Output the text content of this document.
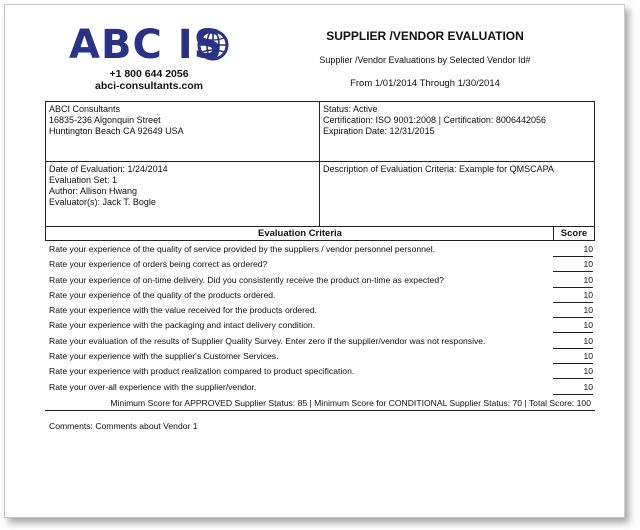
ABC IS
+1 800 644 2056
abci-consultants.com
SUPPLIER /VENDOR EVALUATION
Supplier /Vendor Evaluations by Selected Vendor Id#
From 1/01/2014 Through 1/30/2014
ABCI Consultants
16835-236 Algonquin Street
Huntington Beach CA 92649 USA
Status: Active
Certification: ISO 9001:2008 | Certification: 8006442056
Expiration Date: 12/31/2015
Date of Evaluation: 1/24/2014
Evaluation Set: 1
Author: Allison Hwang
Evaluator(s): Jack T. Bogle
Description of Evaluation Criteria: Example for QMSCAPA
Evaluation Criteria	Score
Rate your experience of the quality of service provided by the suppliers / vendor personnel personnel.	10
Rate your experience of orders being correct as ordered?	10
Rate your experience of on-time delivery. Did you consistently receive the product on-time as expected?	10
Rate your experience of the quality of the products ordered.	10
Rate your experience with the value received for the products ordered.	10
Rate your experience with the packaging and intact delivery condition.	10
Rate your evaluation of the results of Supplier Quality Survey. Enter zero if the supplier/vendor was not responsive.	10
Rate your experience with the supplier's Customer Services.	10
Rate your experience with product realization compared to product specification.	10
Rate your over-all experience with the supplier/vendor.	10
Minimum Score for APPROVED Supplier Status: 85 | Minimum Score for CONDITIONAL Supplier Status: 70 | Total Score: 100
Comments: Comments about Vendor 1
